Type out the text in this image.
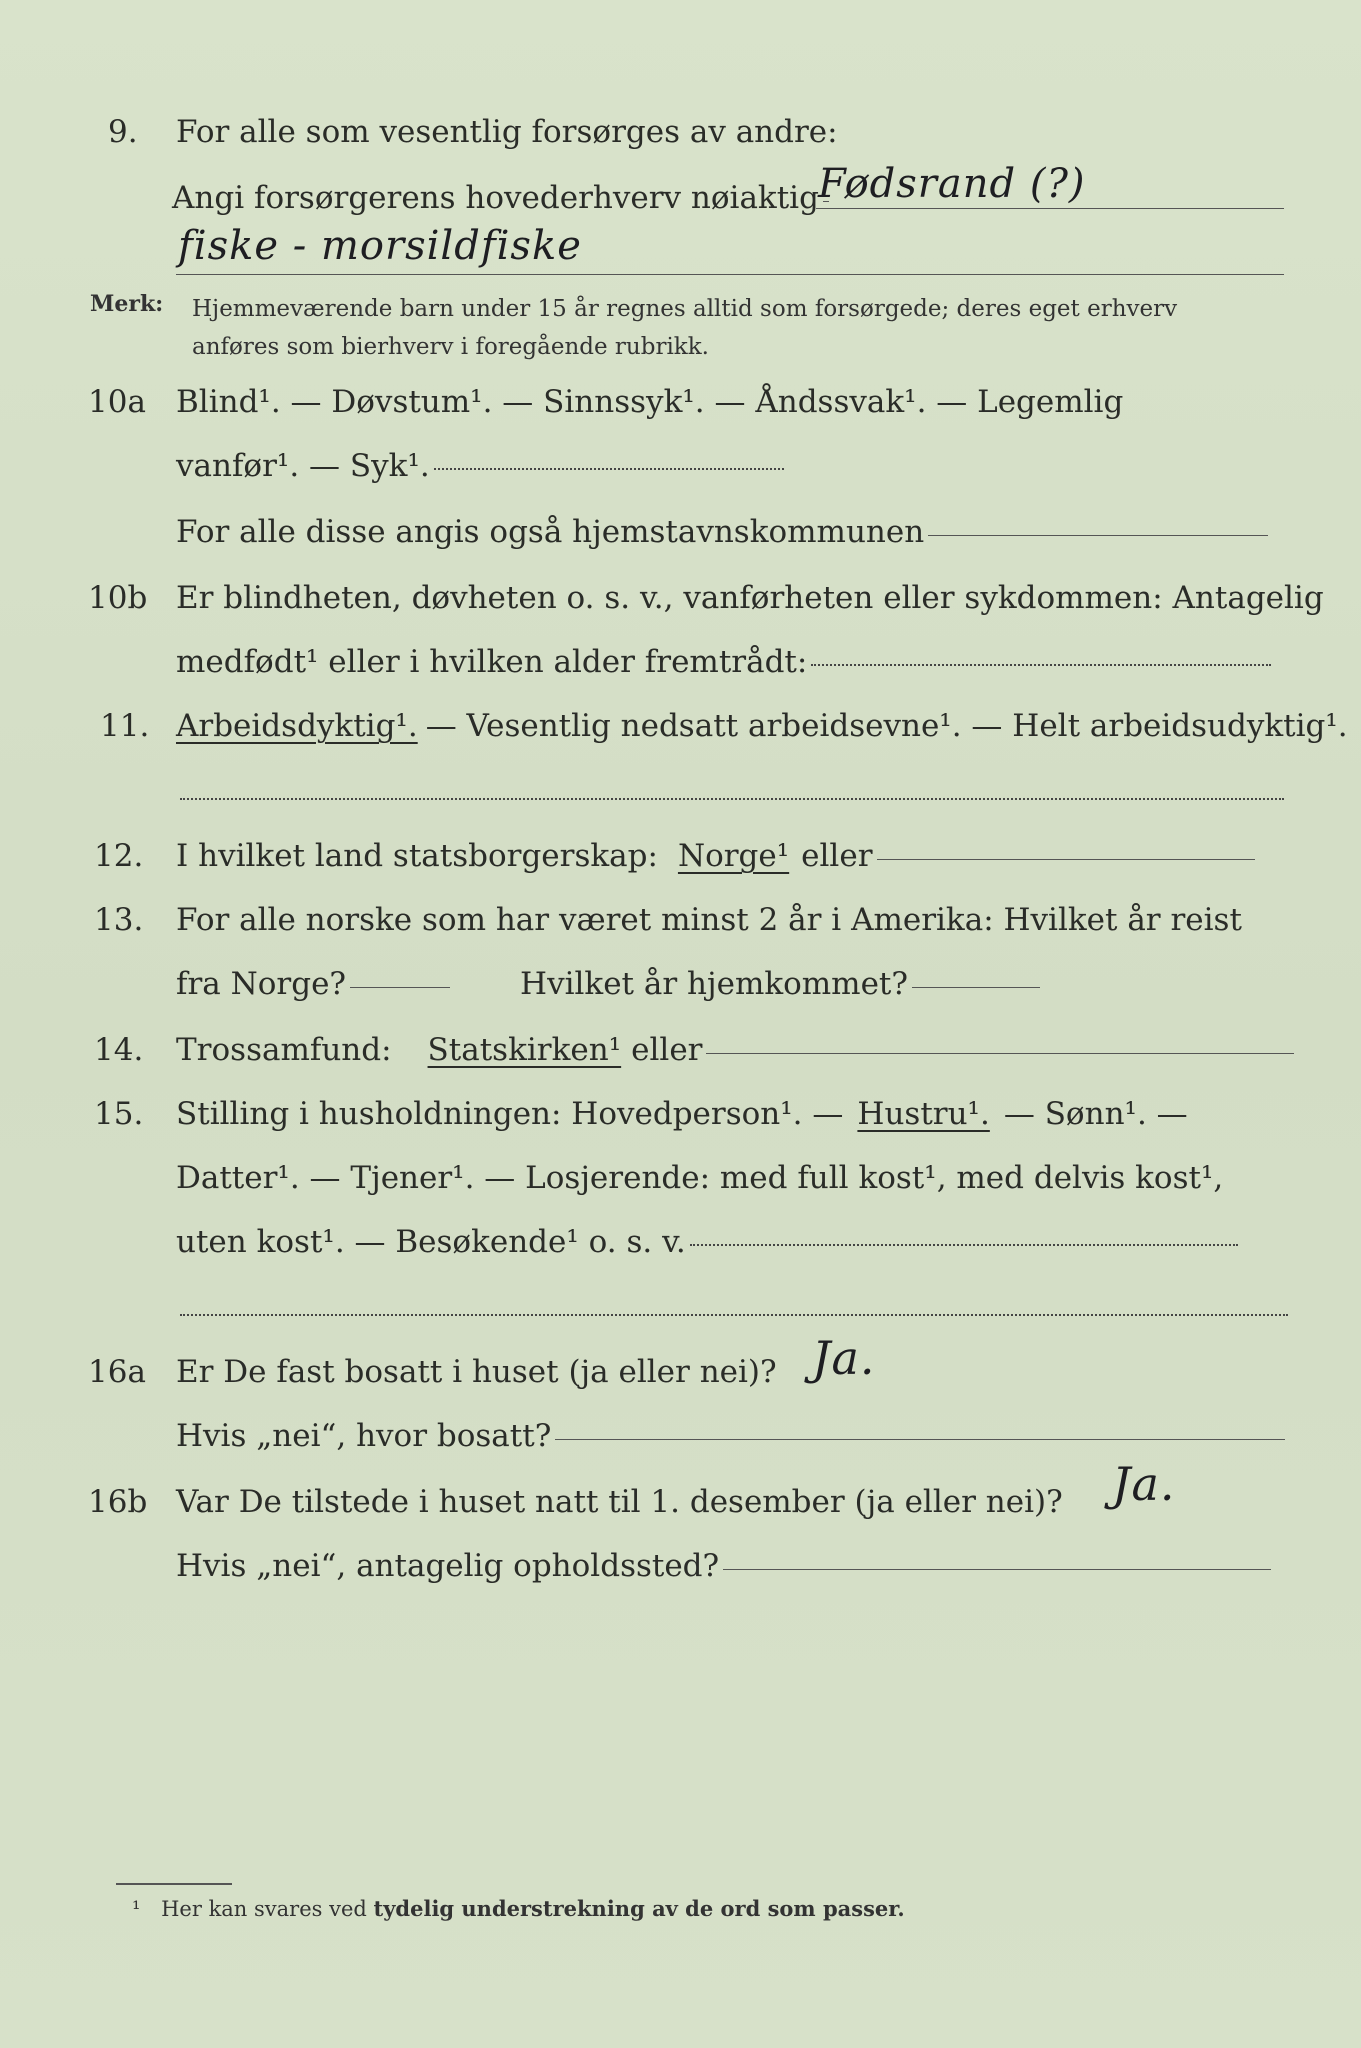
9. For alle som vesentlig forsørges av andre:
Angi forsørgerens hovederhverv nøiaktig Fødsrand (?)
fiske - morsildfiske
Merk: Hjemmeværende barn under 15 år regnes alltid som forsørgede; deres eget erhverv
anføres som bierhverv i foregående rubrikk.
10a Blind¹. — Døvstum¹. — Sinnssyk¹. — Åndssvak¹. — Legemlig
vanfør¹. — Syk¹.
For alle disse angis også hjemstavnskommunen
10b Er blindheten, døvheten o. s. v., vanførheten eller sykdommen: Antagelig
medfødt¹ eller i hvilken alder fremtrådt:
11. Arbeidsdyktig¹. — Vesentlig nedsatt arbeidsevne¹. — Helt arbeidsudyktig¹.
12. I hvilket land statsborgerskap: Norge¹ eller
13. For alle norske som har været minst 2 år i Amerika: Hvilket år reist
fra Norge?	Hvilket år hjemkommet?
14. Trossamfund: Statskirken¹ eller
15. Stilling i husholdningen: Hovedperson¹. — Hustru¹. — Sønn¹. —
Datter¹. — Tjener¹. — Losjerende: med full kost¹, med delvis kost¹,
uten kost¹. — Besøkende¹ o. s. v.
16a Er De fast bosatt i huset (ja eller nei)? Ja.
Hvis „nei“, hvor bosatt?
16b Var De tilstede i huset natt til 1. desember (ja eller nei)? Ja.
Hvis „nei“, antagelig opholdssted?
¹ Her kan svares ved tydelig understrekning av de ord som passer.
